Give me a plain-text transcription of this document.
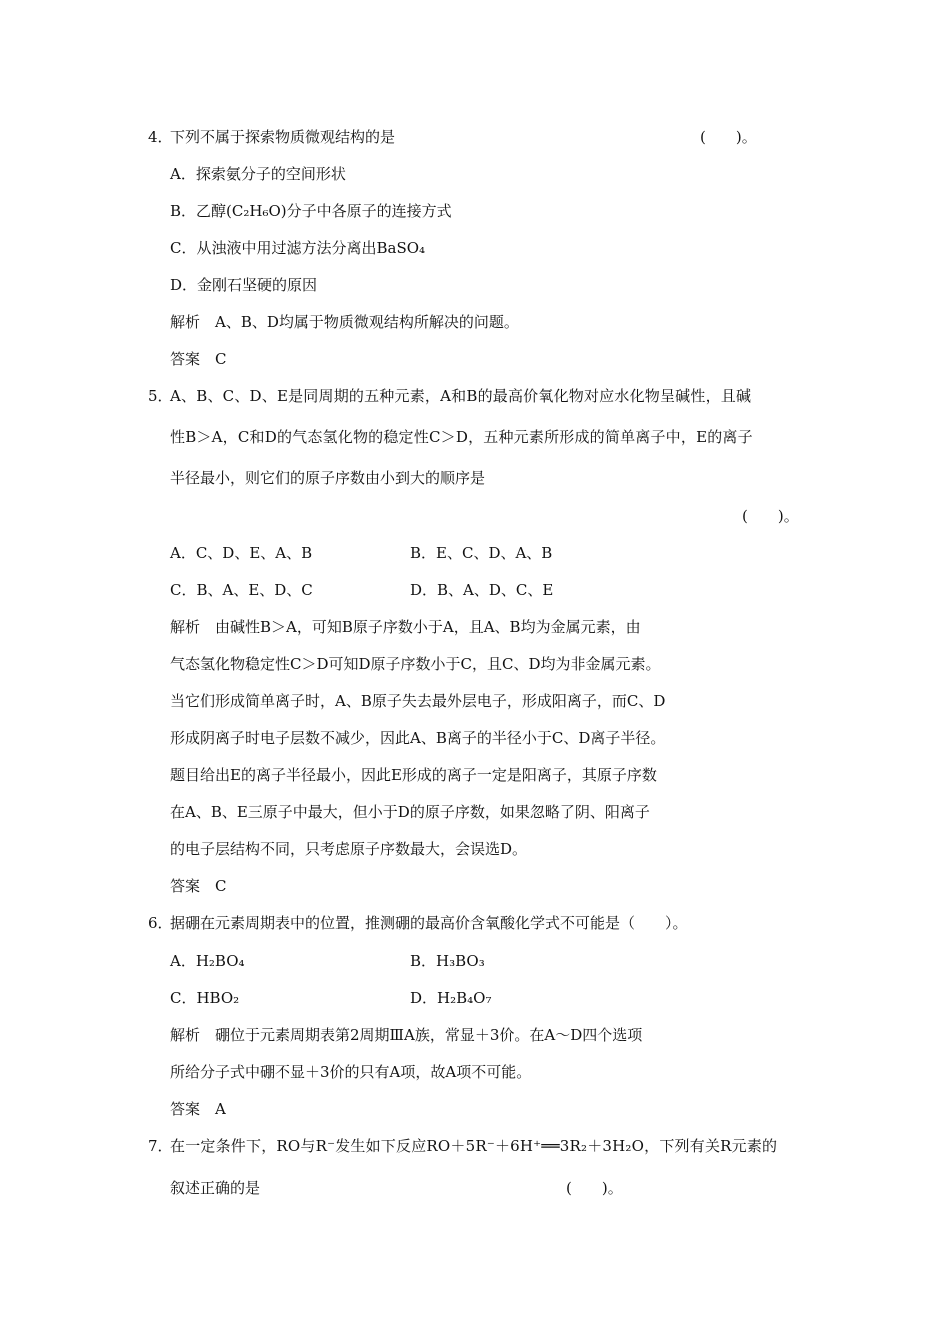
4．
下列不属于探索物质微观结构的是	(　　)。
A．探索氨分子的空间形状
B．乙醇(C₂H₆O)分子中各原子的连接方式
C．从浊液中用过滤方法分离出BaSO₄
D．金刚石坚硬的原因
解析　A、B、D均属于物质微观结构所解决的问题。
答案　C
5．
A、B、C、D、E是同周期的五种元素，A和B的最高价氧化物对应水化物呈碱性，且碱
性B＞A，C和D的气态氢化物的稳定性C＞D，五种元素所形成的简单离子中，E的离子
半径最小，则它们的原子序数由小到大的顺序是
(　　)。
A．C、D、E、A、B	B．E、C、D、A、B
C．B、A、E、D、C	D．B、A、D、C、E
解析　由碱性B＞A，可知B原子序数小于A，且A、B均为金属元素，由
气态氢化物稳定性C＞D可知D原子序数小于C，且C、D均为非金属元素。
当它们形成简单离子时，A、B原子失去最外层电子，形成阳离子，而C、D
形成阴离子时电子层数不减少，因此A、B离子的半径小于C、D离子半径。
题目给出E的离子半径最小，因此E形成的离子一定是阳离子，其原子序数
在A、B、E三原子中最大，但小于D的原子序数，如果忽略了阴、阳离子
的电子层结构不同，只考虑原子序数最大，会误选D。
答案　C
6．
据硼在元素周期表中的位置，推测硼的最高价含氧酸化学式不可能是（　　）。
A．H₂BO₄	B．H₃BO₃
C．HBO₂	D．H₂B₄O₇
解析　硼位于元素周期表第2周期ⅢA族，常显＋3价。在A～D四个选项
所给分子式中硼不显＋3价的只有A项，故A项不可能。
答案　A
7．
在一定条件下，RO与R⁻发生如下反应RO＋5R⁻＋6H⁺══3R₂＋3H₂O，下列有关R元素的
叙述正确的是	(　　)。
